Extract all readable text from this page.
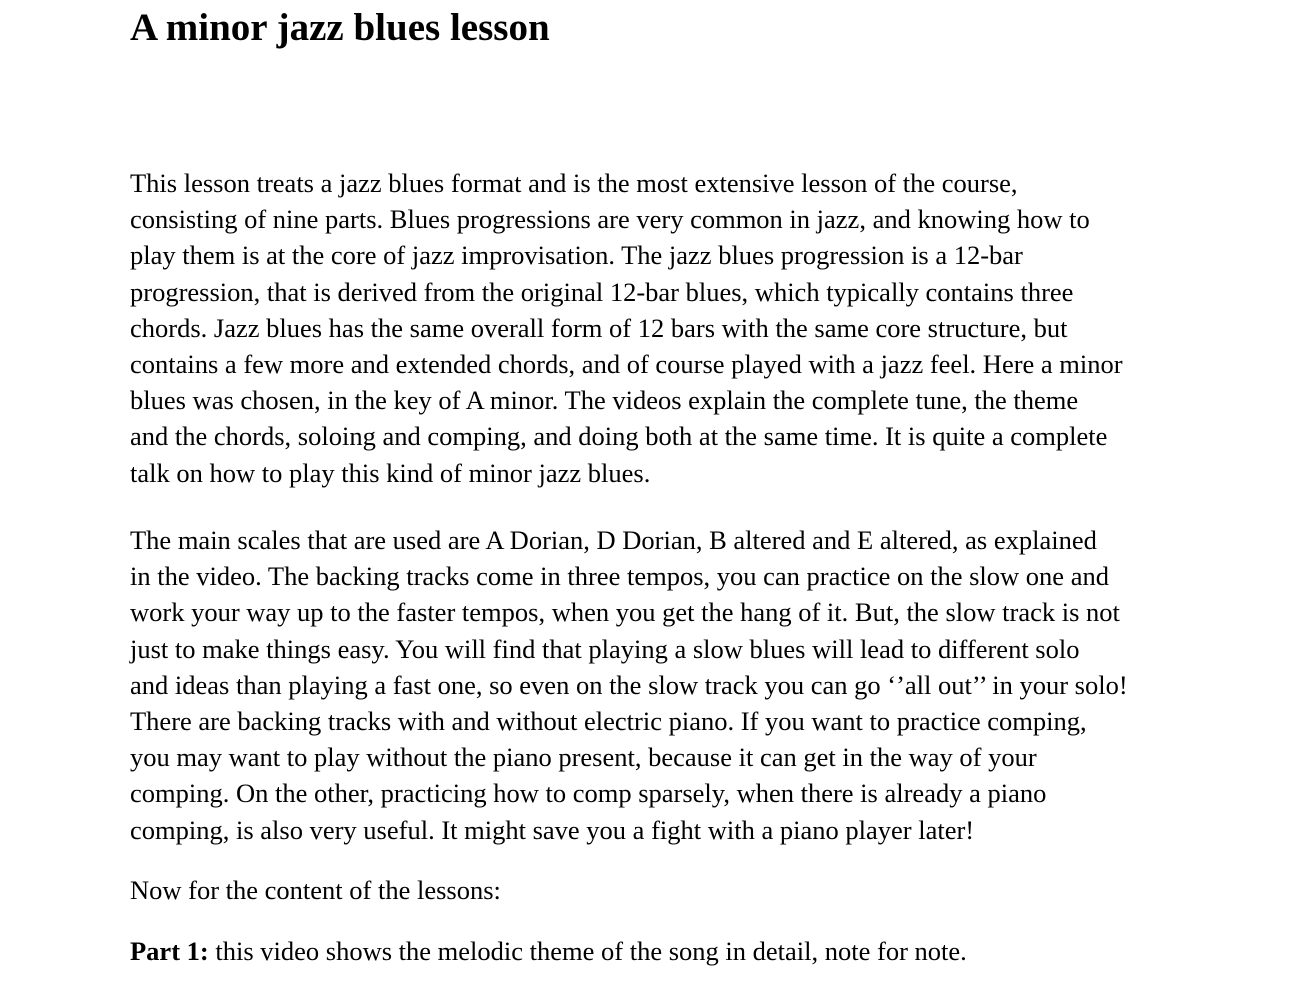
A minor jazz blues lesson

This lesson treats a jazz blues format and is the most extensive lesson of the course,
consisting of nine parts. Blues progressions are very common in jazz, and knowing how to
play them is at the core of jazz improvisation. The jazz blues progression is a 12-bar
progression, that is derived from the original 12-bar blues, which typically contains three
chords. Jazz blues has the same overall form of 12 bars with the same core structure, but
contains a few more and extended chords, and of course played with a jazz feel. Here a minor
blues was chosen, in the key of A minor. The videos explain the complete tune, the theme
and the chords, soloing and comping, and doing both at the same time. It is quite a complete
talk on how to play this kind of minor jazz blues.

The main scales that are used are A Dorian, D Dorian, B altered and E altered, as explained
in the video. The backing tracks come in three tempos, you can practice on the slow one and
work your way up to the faster tempos, when you get the hang of it. But, the slow track is not
just to make things easy. You will find that playing a slow blues will lead to different solo
and ideas than playing a fast one, so even on the slow track you can go ‘’all out’’ in your solo!
There are backing tracks with and without electric piano. If you want to practice comping,
you may want to play without the piano present, because it can get in the way of your
comping. On the other, practicing how to comp sparsely, when there is already a piano
comping, is also very useful. It might save you a fight with a piano player later!

Now for the content of the lessons:

Part 1: this video shows the melodic theme of the song in detail, note for note.
